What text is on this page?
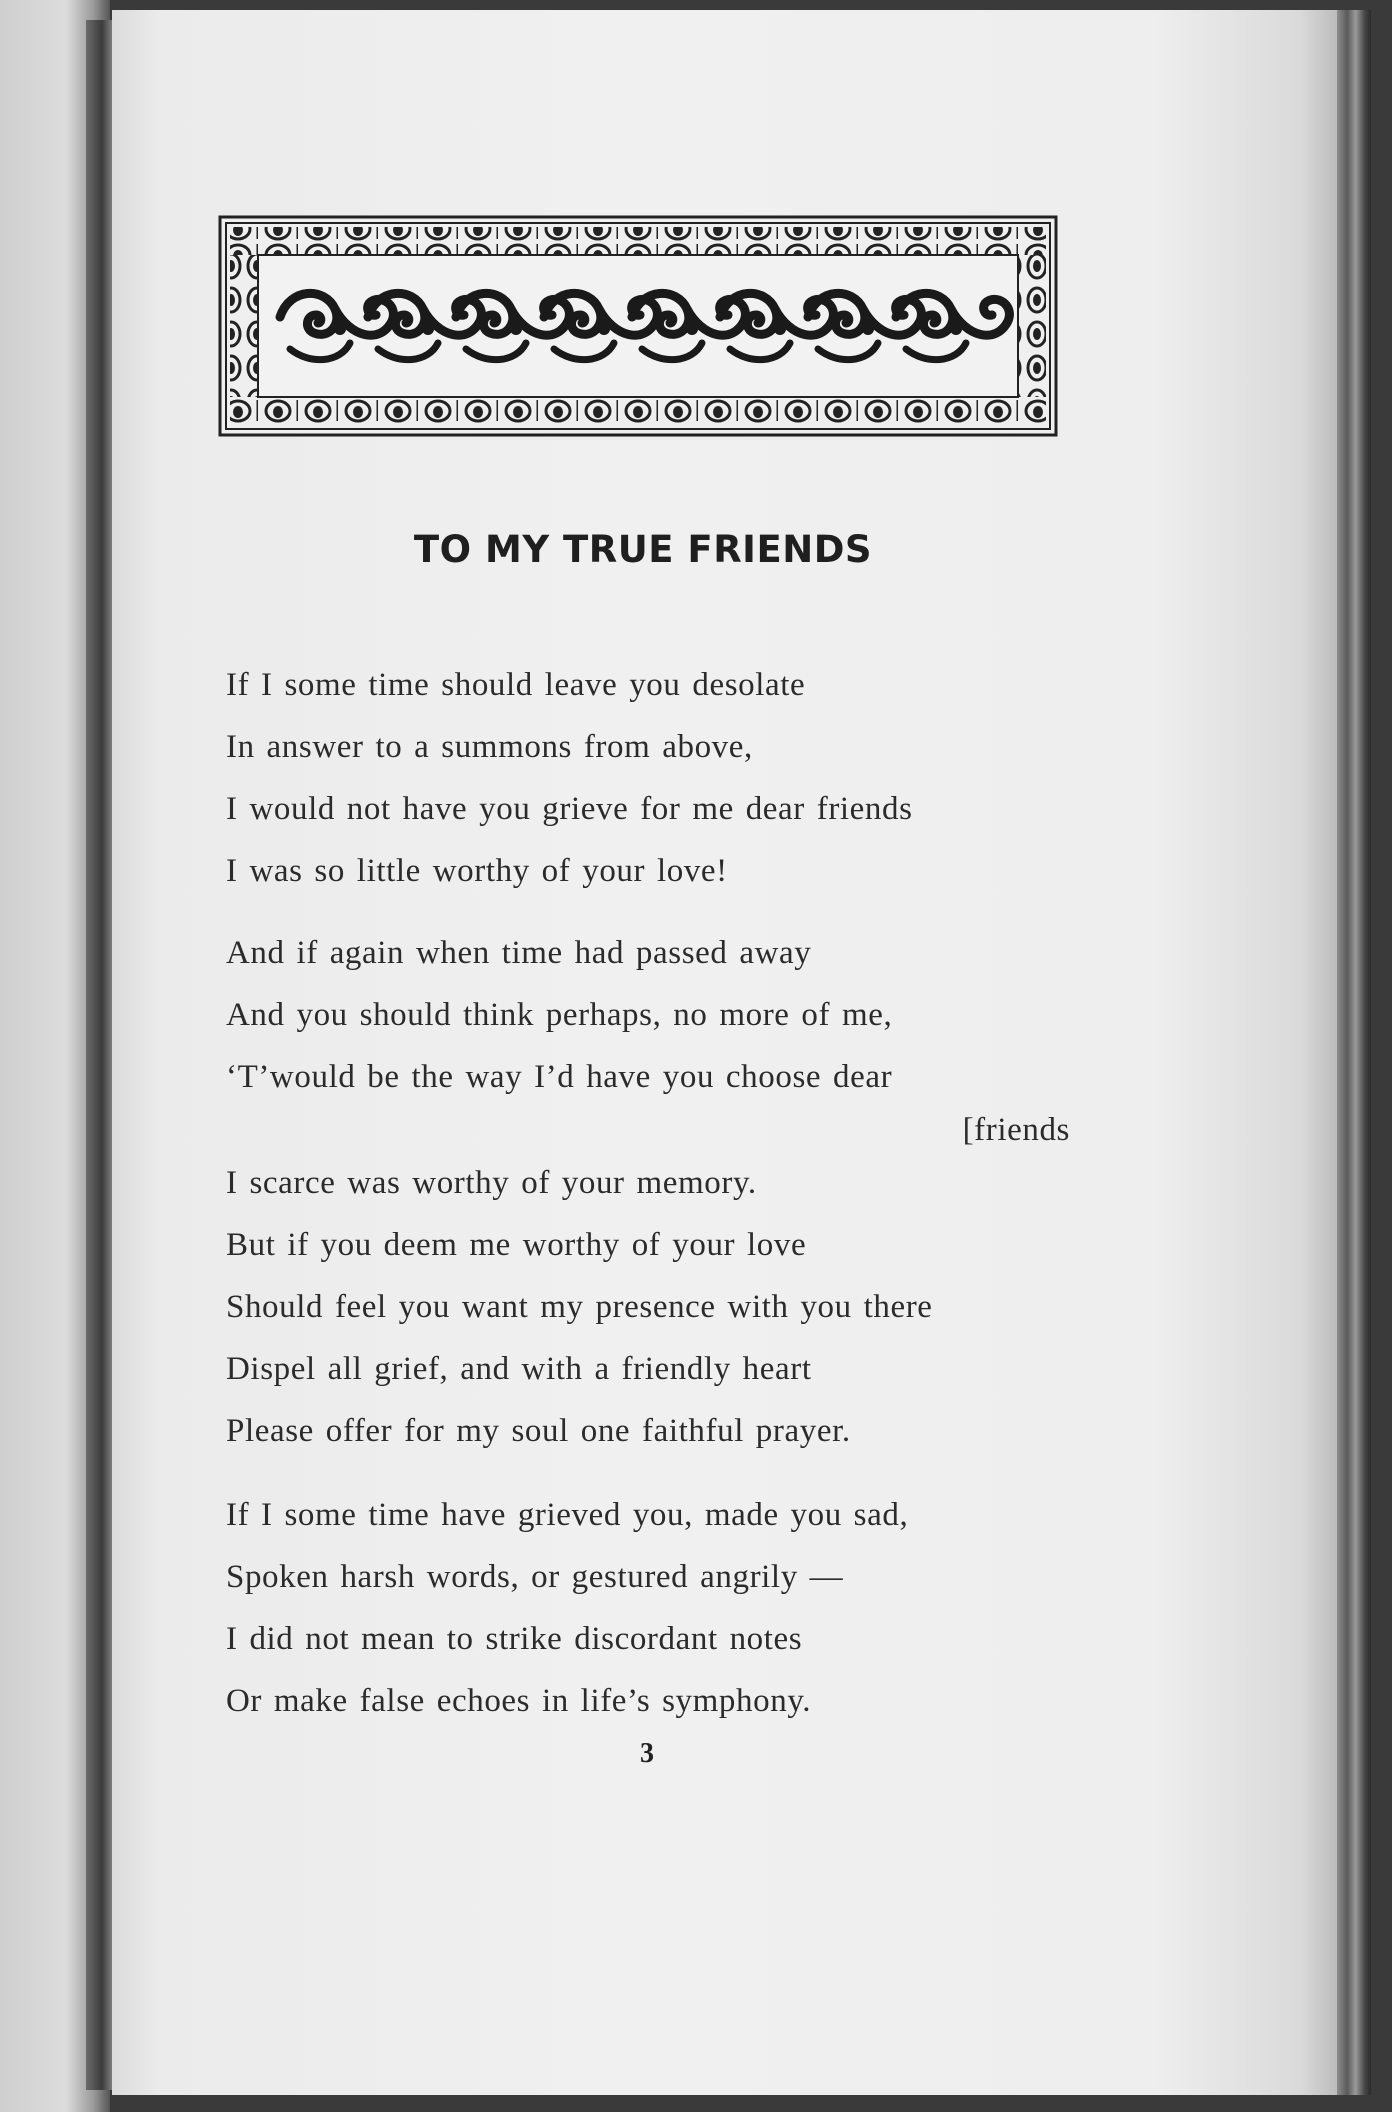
TO MY TRUE FRIENDS
If I some time should leave you desolate
In answer to a summons from above,
I would not have you grieve for me dear friends
I was so little worthy of your love!
And if again when time had passed away
And you should think perhaps, no more of me,
‘T’would be the way I’d have you choose dear
[friends
I scarce was worthy of your memory.
But if you deem me worthy of your love
Should feel you want my presence with you there
Dispel all grief, and with a friendly heart
Please offer for my soul one faithful prayer.
If I some time have grieved you, made you sad,
Spoken harsh words, or gestured angrily —
I did not mean to strike discordant notes
Or make false echoes in life’s symphony.
3
